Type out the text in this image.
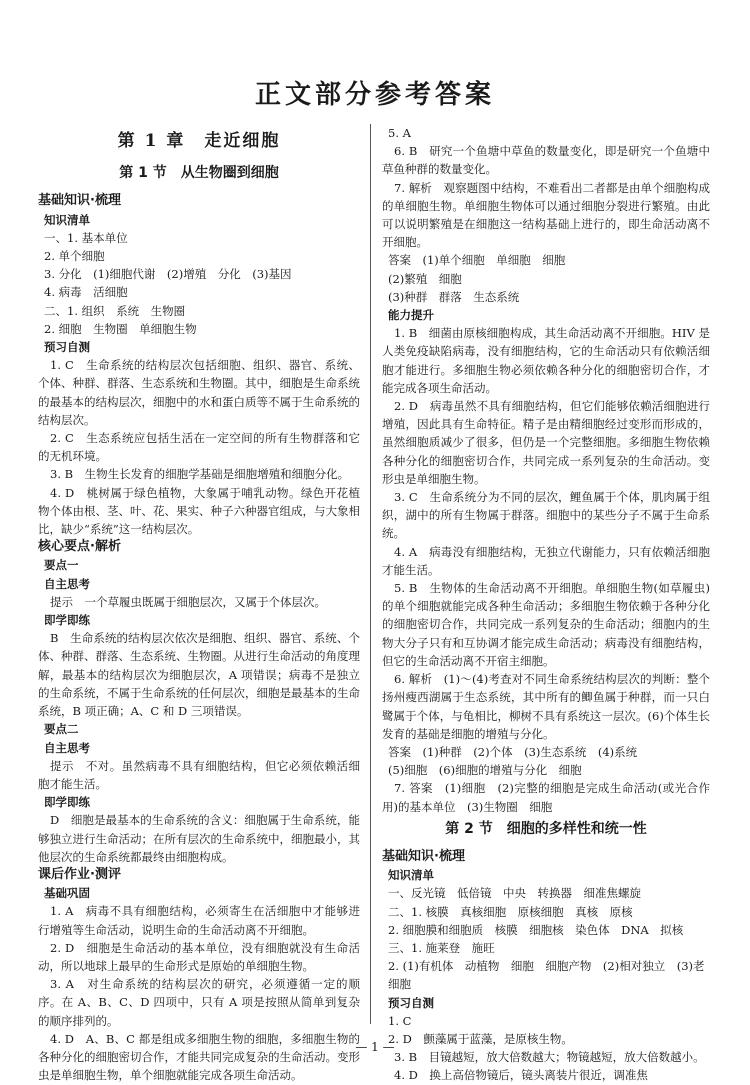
正文部分参考答案
第 1 章　走近细胞
第 1 节　从生物圈到细胞
基础知识·梳理
知识清单
一、1. 基本单位
2. 单个细胞
3. 分化　(1)细胞代谢　(2)增殖　分化　(3)基因
4. 病毒　活细胞
二、1. 组织　系统　生物圈
2. 细胞　生物圈　单细胞生物
预习自测
1. C　生命系统的结构层次包括细胞、组织、器官、系统、个体、种群、群落、生态系统和生物圈。其中，细胞是生命系统的最基本的结构层次，细胞中的水和蛋白质等不属于生命系统的结构层次。
2. C　生态系统应包括生活在一定空间的所有生物群落和它的无机环境。
3. B　生物生长发育的细胞学基础是细胞增殖和细胞分化。
4. D　桃树属于绿色植物，大象属于哺乳动物。绿色开花植物个体由根、茎、叶、花、果实、种子六种器官组成，与大象相比，缺少“系统”这一结构层次。
核心要点·解析
要点一
自主思考
提示　一个草履虫既属于细胞层次，又属于个体层次。
即学即练
B　生命系统的结构层次依次是细胞、组织、器官、系统、个体、种群、群落、生态系统、生物圈。从进行生命活动的角度理解，最基本的结构层次为细胞层次，A 项错误；病毒不是独立的生命系统，不属于生命系统的任何层次，细胞是最基本的生命系统，B 项正确；A、C 和 D 三项错误。
要点二
自主思考
提示　不对。虽然病毒不具有细胞结构，但它必须依赖活细胞才能生活。
即学即练
D　细胞是最基本的生命系统的含义：细胞属于生命系统，能够独立进行生命活动；在所有层次的生命系统中，细胞最小，其他层次的生命系统都最终由细胞构成。
课后作业·测评
基础巩固
1. A　病毒不具有细胞结构，必须寄生在活细胞中才能够进行增殖等生命活动，说明生命的生命活动离不开细胞。
2. D　细胞是生命活动的基本单位，没有细胞就没有生命活动，所以地球上最早的生命形式是原始的单细胞生物。
3. A　对生命系统的结构层次的研究，必须遵循一定的顺序。在 A、B、C、D 四项中，只有 A 项是按照从简单到复杂的顺序排列的。
4. D　A、B、C 都是组成多细胞生物的细胞，多细胞生物的各种分化的细胞密切合作，才能共同完成复杂的生命活动。变形虫是单细胞生物，单个细胞就能完成各项生命活动。
5. A
6. B　研究一个鱼塘中草鱼的数量变化，即是研究一个鱼塘中草鱼种群的数量变化。
7. 解析　观察题图中结构，不难看出二者都是由单个细胞构成的单细胞生物。单细胞生物体可以通过细胞分裂进行繁殖。由此可以说明繁殖是在细胞这一结构基础上进行的，即生命活动离不开细胞。
答案　(1)单个细胞　单细胞　细胞
(2)繁殖　细胞
(3)种群　群落　生态系统
能力提升
1. B　细菌由原核细胞构成，其生命活动离不开细胞。HIV 是人类免疫缺陷病毒，没有细胞结构，它的生命活动只有依赖活细胞才能进行。多细胞生物必须依赖各种分化的细胞密切合作，才能完成各项生命活动。
2. D　病毒虽然不具有细胞结构，但它们能够依赖活细胞进行增殖，因此具有生命特征。精子是由精细胞经过变形而形成的，虽然细胞质减少了很多，但仍是一个完整细胞。多细胞生物依赖各种分化的细胞密切合作，共同完成一系列复杂的生命活动。变形虫是单细胞生物。
3. C　生命系统分为不同的层次，鲤鱼属于个体，肌肉属于组织，湖中的所有生物属于群落。细胞中的某些分子不属于生命系统。
4. A　病毒没有细胞结构，无独立代谢能力，只有依赖活细胞才能生活。
5. B　生物体的生命活动离不开细胞。单细胞生物(如草履虫)的单个细胞就能完成各种生命活动；多细胞生物依赖于各种分化的细胞密切合作，共同完成一系列复杂的生命活动；细胞内的生物大分子只有和互协调才能完成生命活动；病毒没有细胞结构，但它的生命活动离不开宿主细胞。
6. 解析　(1)～(4)考查对不同生命系统结构层次的判断：整个扬州瘦西湖属于生态系统，其中所有的鲫鱼属于种群，而一只白鹭属于个体，与龟相比，柳树不具有系统这一层次。(6)个体生长发育的基础是细胞的增殖与分化。
答案　(1)种群　(2)个体　(3)生态系统　(4)系统
(5)细胞　(6)细胞的增殖与分化　细胞
7. 答案　(1)细胞　(2)完整的细胞是完成生命活动(或光合作用)的基本单位　(3)生物圈　细胞
第 2 节　细胞的多样性和统一性
基础知识·梳理
知识清单
一、反光镜　低倍镜　中央　转换器　细准焦螺旋
二、1. 核膜　真核细胞　原核细胞　真核　原核
2. 细胞膜和细胞质　核膜　细胞核　染色体　DNA　拟核
三、1. 施莱登　施旺
2. (1)有机体　动植物　细胞　细胞产物　(2)相对独立　(3)老细胞
预习自测
1. C
2. D　颤藻属于蓝藻，是原核生物。
3. B　目镜越短，放大倍数越大；物镜越短，放大倍数越小。
4. D　换上高倍物镜后，镜头离装片很近，调准焦
— 1 —
